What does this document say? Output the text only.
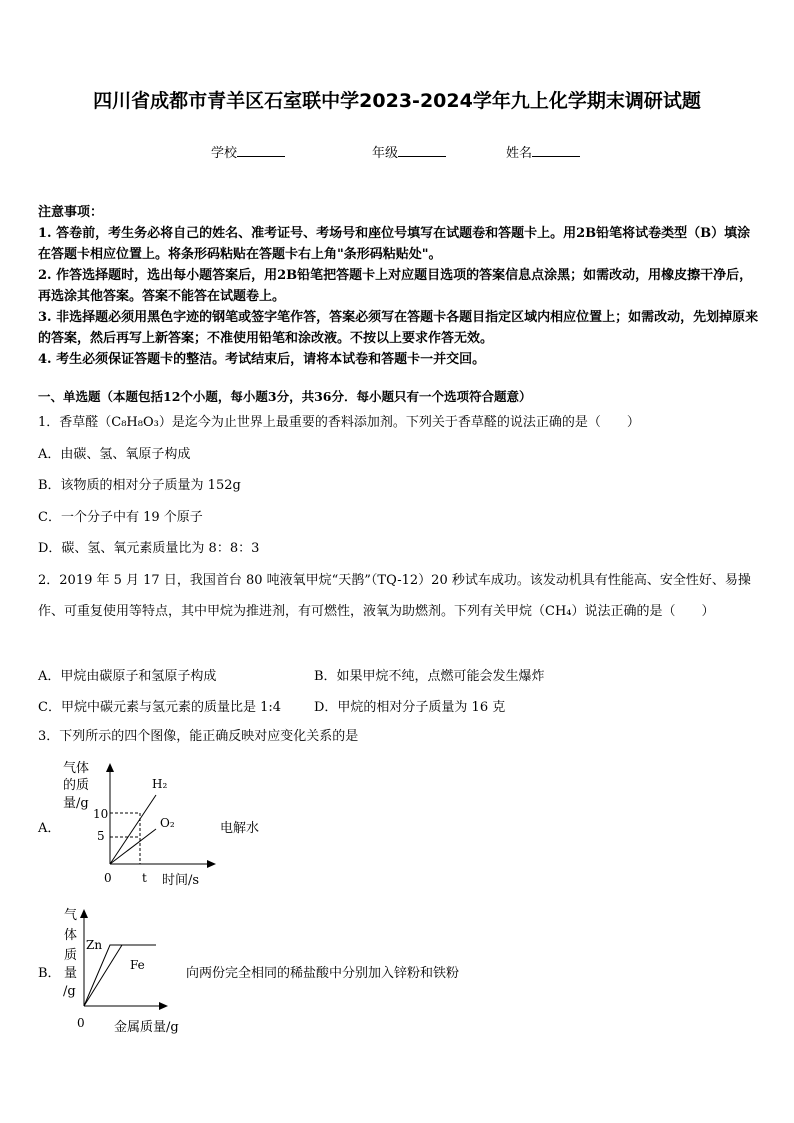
四川省成都市青羊区石室联中学2023-2024学年九上化学期末调研试题
学校	年级	姓名
注意事项：
1. 答卷前，考生务必将自己的姓名、准考证号、考场号和座位号填写在试题卷和答题卡上。用2B铅笔将试卷类型（B）填涂在答题卡相应位置上。将条形码粘贴在答题卡右上角"条形码粘贴处"。
2. 作答选择题时，选出每小题答案后，用2B铅笔把答题卡上对应题目选项的答案信息点涂黑；如需改动，用橡皮擦干净后，再选涂其他答案。答案不能答在试题卷上。
3. 非选择题必须用黑色字迹的钢笔或签字笔作答，答案必须写在答题卡各题目指定区域内相应位置上；如需改动，先划掉原来的答案，然后再写上新答案；不准使用铅笔和涂改液。不按以上要求作答无效。
4. 考生必须保证答题卡的整洁。考试结束后，请将本试卷和答题卡一并交回。
一、单选题（本题包括12个小题，每小题3分，共36分．每小题只有一个选项符合题意）
1．香草醛（C₈H₈O₃）是迄今为止世界上最重要的香料添加剂。下列关于香草醛的说法正确的是（　　）
A．由碳、氢、氧原子构成
B．该物质的相对分子质量为 152g
C．一个分子中有 19 个原子
D．碳、氢、氧元素质量比为 8：8：3
2．2019 年 5 月 17 日，我国首台 80 吨液氧甲烷“天鹊”（TQ-12）20 秒试车成功。该发动机具有性能高、安全性好、易操作、可重复使用等特点，其中甲烷为推进剂，有可燃性，液氧为助燃剂。下列有关甲烷（CH₄）说法正确的是（　　）
A．甲烷由碳原子和氢原子构成	B．如果甲烷不纯，点燃可能会发生爆炸
C．甲烷中碳元素与氢元素的质量比是 1:4	D．甲烷的相对分子质量为 16 克
3．下列所示的四个图像，能正确反映对应变化关系的是
A．
气体
的质
量/g
10
5
H₂
O₂
0	t 时间/s
电解水
B．
气
体
质
量
/g
Zn
Fe
0 金属质量/g
向两份完全相同的稀盐酸中分别加入锌粉和铁粉
